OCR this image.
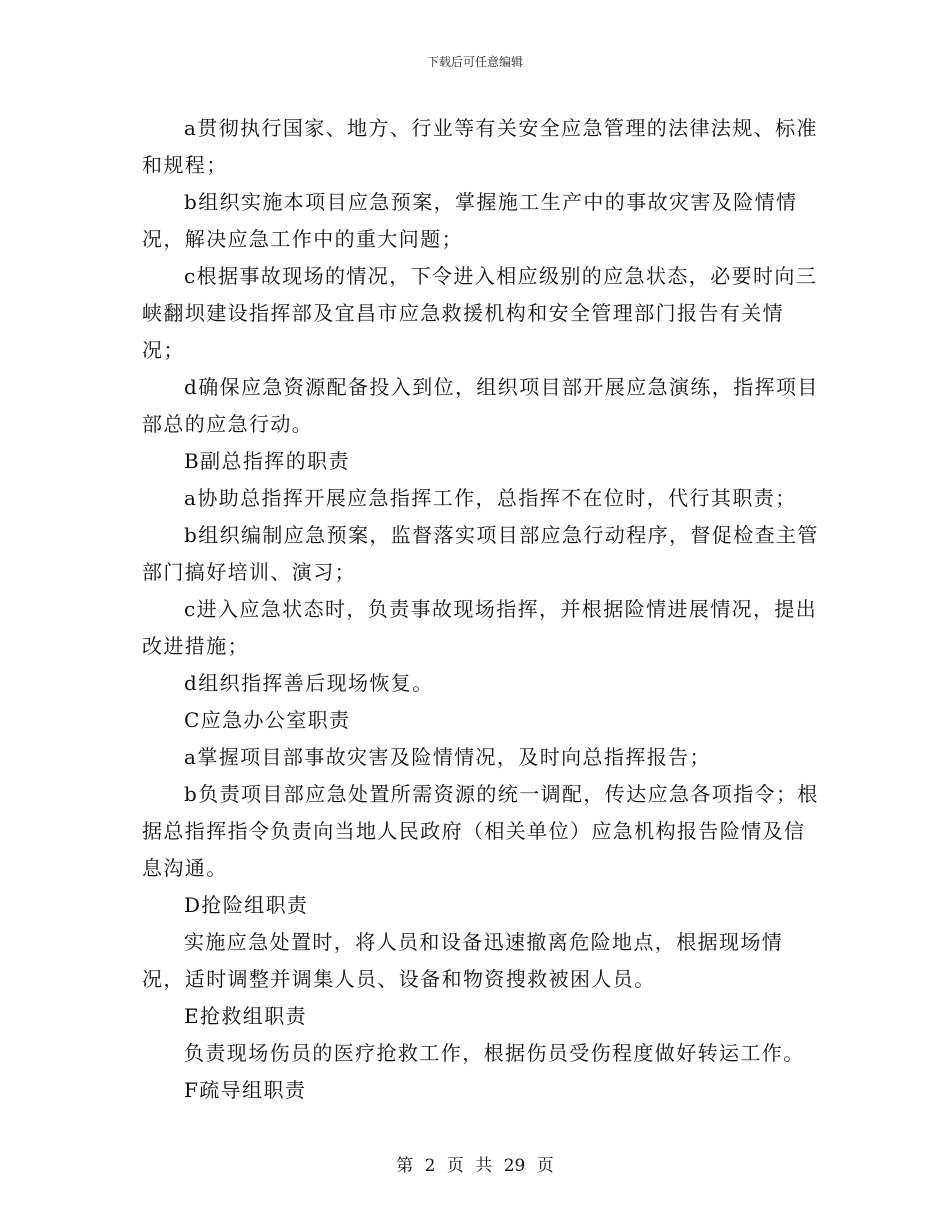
下载后可任意编辑

a贯彻执行国家、地方、行业等有关安全应急管理的法律法规、标准和规程；

b组织实施本项目应急预案，掌握施工生产中的事故灾害及险情情况，解决应急工作中的重大问题；

c根据事故现场的情况，下令进入相应级别的应急状态，必要时向三峡翻坝建设指挥部及宜昌市应急救援机构和安全管理部门报告有关情况；

d确保应急资源配备投入到位，组织项目部开展应急演练，指挥项目部总的应急行动。

B副总指挥的职责

a协助总指挥开展应急指挥工作，总指挥不在位时，代行其职责；

b组织编制应急预案，监督落实项目部应急行动程序，督促检查主管部门搞好培训、演习；

c进入应急状态时，负责事故现场指挥，并根据险情进展情况，提出改进措施；

d组织指挥善后现场恢复。

C应急办公室职责

a掌握项目部事故灾害及险情情况，及时向总指挥报告；

b负责项目部应急处置所需资源的统一调配，传达应急各项指令；根据总指挥指令负责向当地人民政府（相关单位）应急机构报告险情及信息沟通。

D抢险组职责

实施应急处置时，将人员和设备迅速撤离危险地点，根据现场情况，适时调整并调集人员、设备和物资搜救被困人员。

E抢救组职责

负责现场伤员的医疗抢救工作，根据伤员受伤程度做好转运工作。

F疏导组职责

第 2 页 共 29 页
